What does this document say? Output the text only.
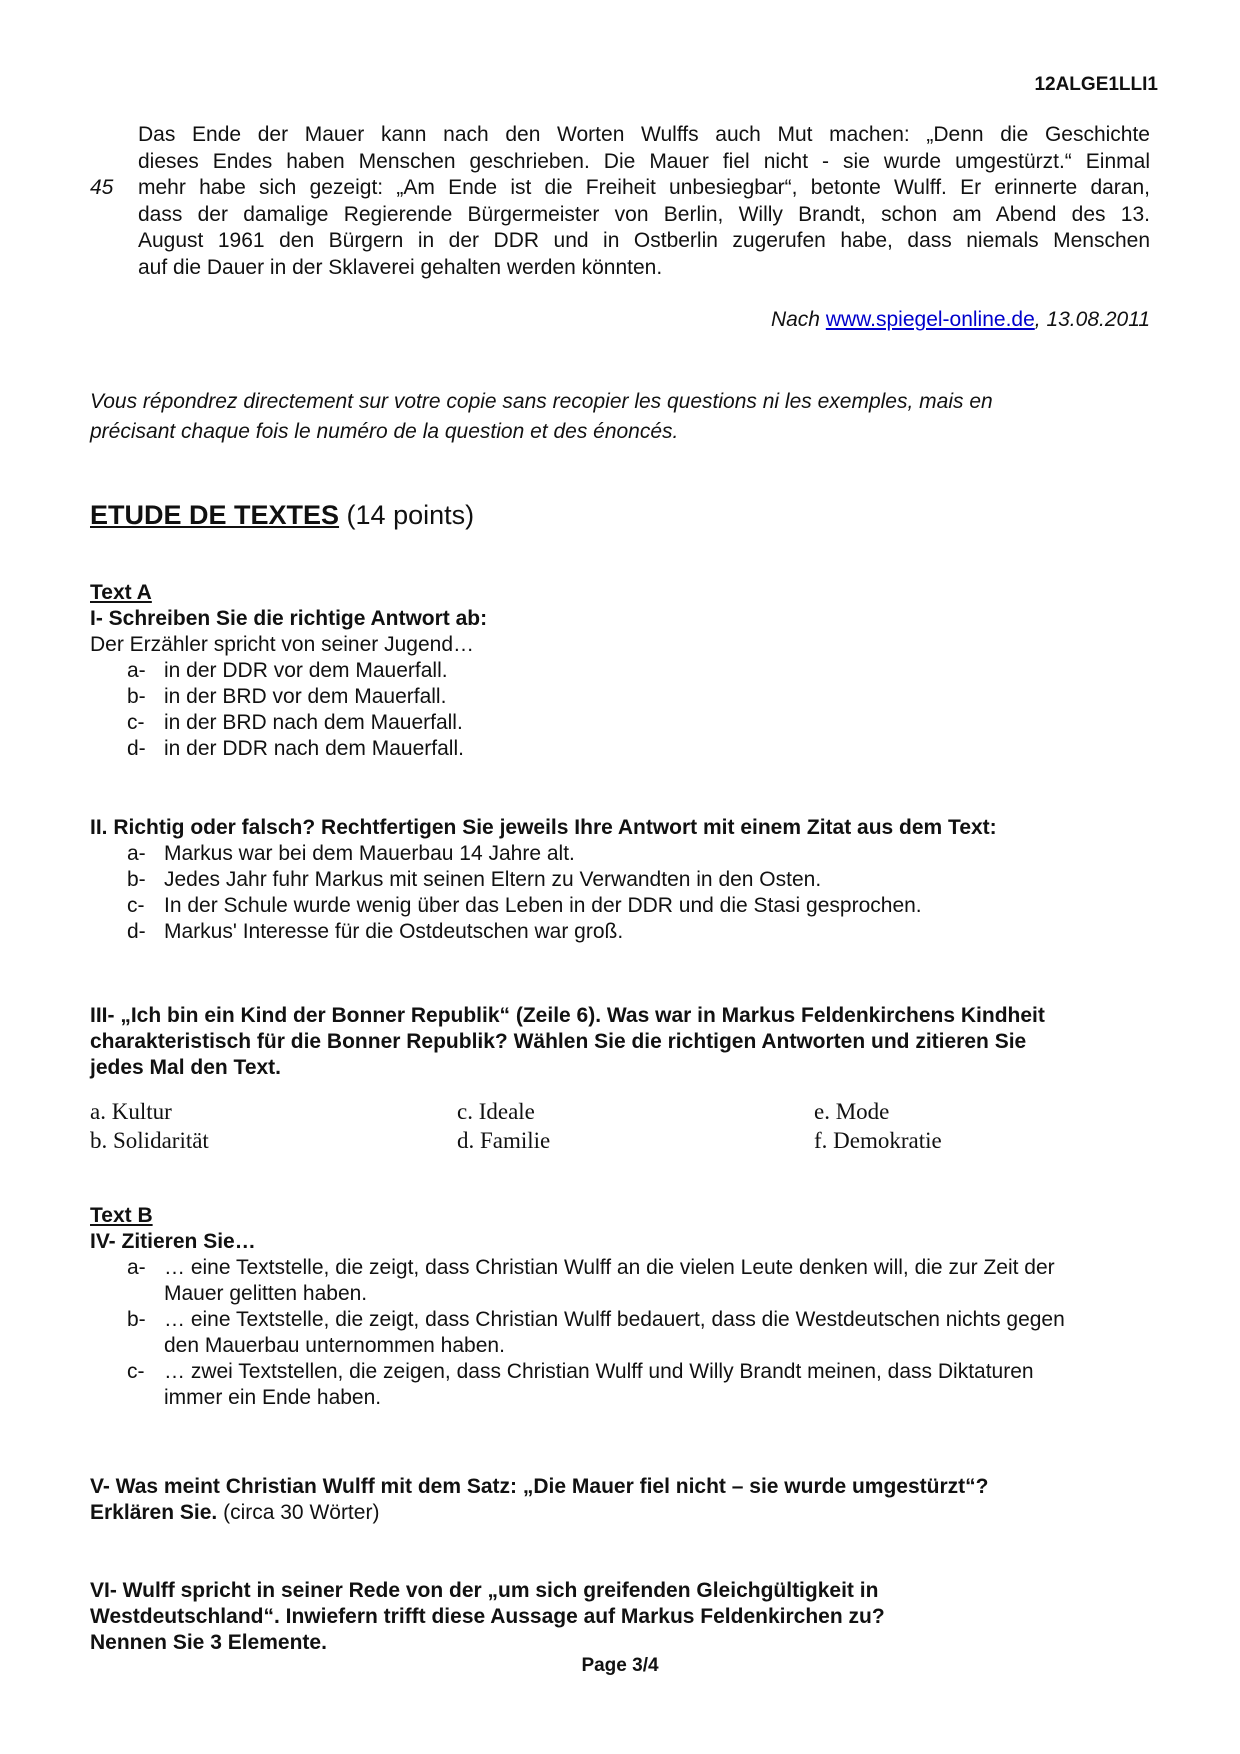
12ALGE1LLI1
Das Ende der Mauer kann nach den Worten Wulffs auch Mut machen: „Denn die Geschichte
dieses Endes haben Menschen geschrieben. Die Mauer fiel nicht - sie wurde umgestürzt.“ Einmal
45 mehr habe sich gezeigt: „Am Ende ist die Freiheit unbesiegbar“, betonte Wulff. Er erinnerte daran,
dass der damalige Regierende Bürgermeister von Berlin, Willy Brandt, schon am Abend des 13.
August 1961 den Bürgern in der DDR und in Ostberlin zugerufen habe, dass niemals Menschen
auf die Dauer in der Sklaverei gehalten werden könnten.
Nach www.spiegel-online.de, 13.08.2011
Vous répondrez directement sur votre copie sans recopier les questions ni les exemples, mais en
précisant chaque fois le numéro de la question et des énoncés.
ETUDE DE TEXTES (14 points)
Text A
I- Schreiben Sie die richtige Antwort ab:
Der Erzähler spricht von seiner Jugend…
a- in der DDR vor dem Mauerfall.
b- in der BRD vor dem Mauerfall.
c- in der BRD nach dem Mauerfall.
d- in der DDR nach dem Mauerfall.
II. Richtig oder falsch? Rechtfertigen Sie jeweils Ihre Antwort mit einem Zitat aus dem Text:
a- Markus war bei dem Mauerbau 14 Jahre alt.
b- Jedes Jahr fuhr Markus mit seinen Eltern zu Verwandten in den Osten.
c- In der Schule wurde wenig über das Leben in der DDR und die Stasi gesprochen.
d- Markus' Interesse für die Ostdeutschen war groß.
III- „Ich bin ein Kind der Bonner Republik“ (Zeile 6). Was war in Markus Feldenkirchens Kindheit
charakteristisch für die Bonner Republik? Wählen Sie die richtigen Antworten und zitieren Sie
jedes Mal den Text.
a. Kultur	c. Ideale	e. Mode
b. Solidarität	d. Familie	f. Demokratie
Text B
IV- Zitieren Sie…
a- … eine Textstelle, die zeigt, dass Christian Wulff an die vielen Leute denken will, die zur Zeit der
Mauer gelitten haben.
b- … eine Textstelle, die zeigt, dass Christian Wulff bedauert, dass die Westdeutschen nichts gegen
den Mauerbau unternommen haben.
c- … zwei Textstellen, die zeigen, dass Christian Wulff und Willy Brandt meinen, dass Diktaturen
immer ein Ende haben.
V- Was meint Christian Wulff mit dem Satz: „Die Mauer fiel nicht – sie wurde umgestürzt“?
Erklären Sie. (circa 30 Wörter)
VI- Wulff spricht in seiner Rede von der „um sich greifenden Gleichgültigkeit in
Westdeutschland“. Inwiefern trifft diese Aussage auf Markus Feldenkirchen zu?
Nennen Sie 3 Elemente.
Page 3/4
